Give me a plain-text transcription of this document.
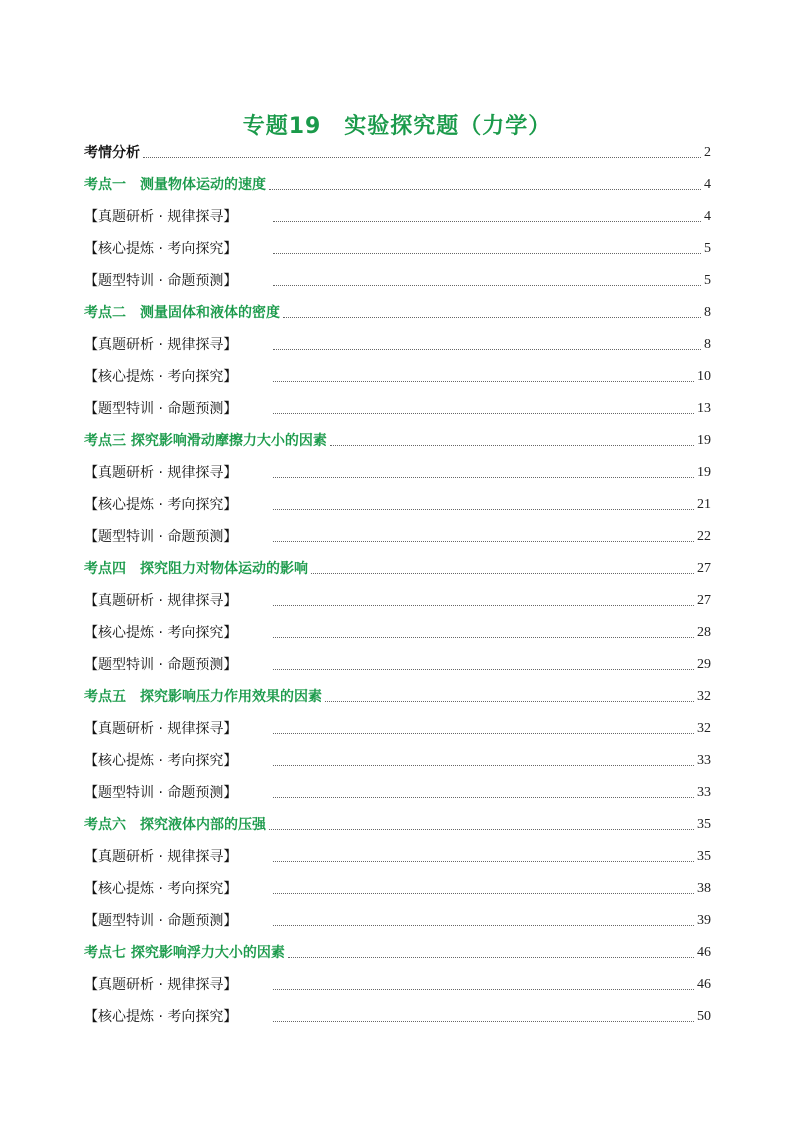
专题19　实验探究题（力学）
考情分析	2
考点一　测量物体运动的速度	4
【真题研析 · 规律探寻】	4
【核心提炼 · 考向探究】	5
【题型特训 · 命题预测】	5
考点二　测量固体和液体的密度	8
【真题研析 · 规律探寻】	8
【核心提炼 · 考向探究】	10
【题型特训 · 命题预测】	13
考点三 探究影响滑动摩擦力大小的因素	19
【真题研析 · 规律探寻】	19
【核心提炼 · 考向探究】	21
【题型特训 · 命题预测】	22
考点四　探究阻力对物体运动的影响	27
【真题研析 · 规律探寻】	27
【核心提炼 · 考向探究】	28
【题型特训 · 命题预测】	29
考点五　探究影响压力作用效果的因素	32
【真题研析 · 规律探寻】	32
【核心提炼 · 考向探究】	33
【题型特训 · 命题预测】	33
考点六　探究液体内部的压强	35
【真题研析 · 规律探寻】	35
【核心提炼 · 考向探究】	38
【题型特训 · 命题预测】	39
考点七 探究影响浮力大小的因素	46
【真题研析 · 规律探寻】	46
【核心提炼 · 考向探究】	50
